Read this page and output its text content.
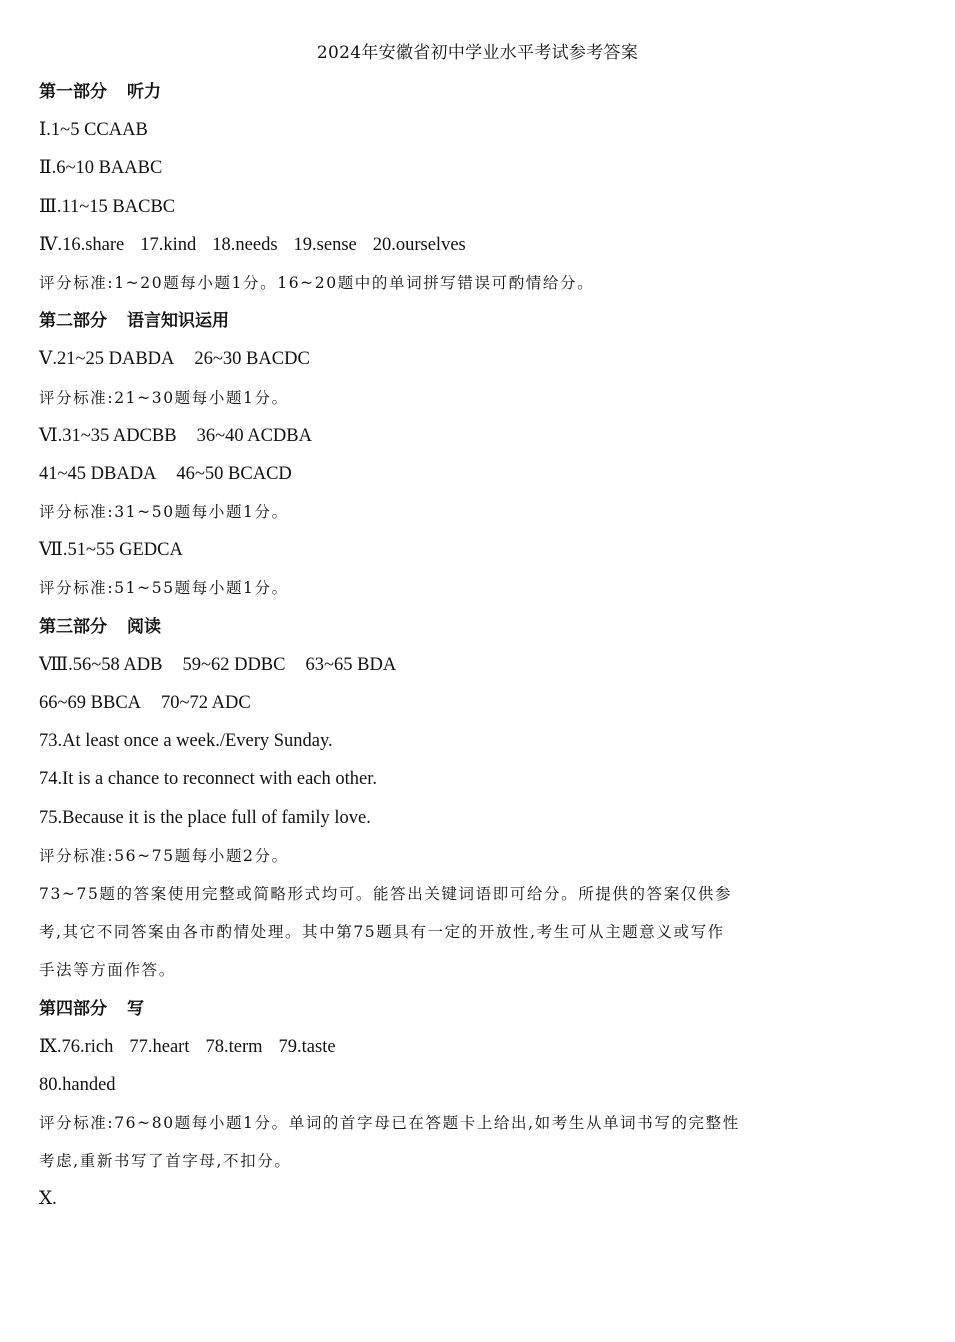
2024年安徽省初中学业水平考试参考答案
第一部分 听力
Ⅰ.1~5 CCAAB
Ⅱ.6~10 BAABC
Ⅲ.11~15 BACBC
Ⅳ.16.share 17.kind 18.needs 19.sense 20.ourselves
评分标准:1~20题每小题1分。16~20题中的单词拼写错误可酌情给分。
第二部分 语言知识运用
Ⅴ.21~25 DABDA 26~30 BACDC
评分标准:21~30题每小题1分。
Ⅵ.31~35 ADCBB 36~40 ACDBA
41~45 DBADA 46~50 BCACD
评分标准:31~50题每小题1分。
Ⅶ.51~55 GEDCA
评分标准:51~55题每小题1分。
第三部分 阅读
Ⅷ.56~58 ADB 59~62 DDBC 63~65 BDA
66~69 BBCA 70~72 ADC
73.At least once a week./Every Sunday.
74.It is a chance to reconnect with each other.
75.Because it is the place full of family love.
评分标准:56~75题每小题2分。
73~75题的答案使用完整或简略形式均可。能答出关键词语即可给分。所提供的答案仅供参
考,其它不同答案由各市酌情处理。其中第75题具有一定的开放性,考生可从主题意义或写作
手法等方面作答。
第四部分 写
Ⅸ.76.rich 77.heart 78.term 79.taste
80.handed
评分标准:76~80题每小题1分。单词的首字母已在答题卡上给出,如考生从单词书写的完整性
考虑,重新书写了首字母,不扣分。
Ⅹ.
